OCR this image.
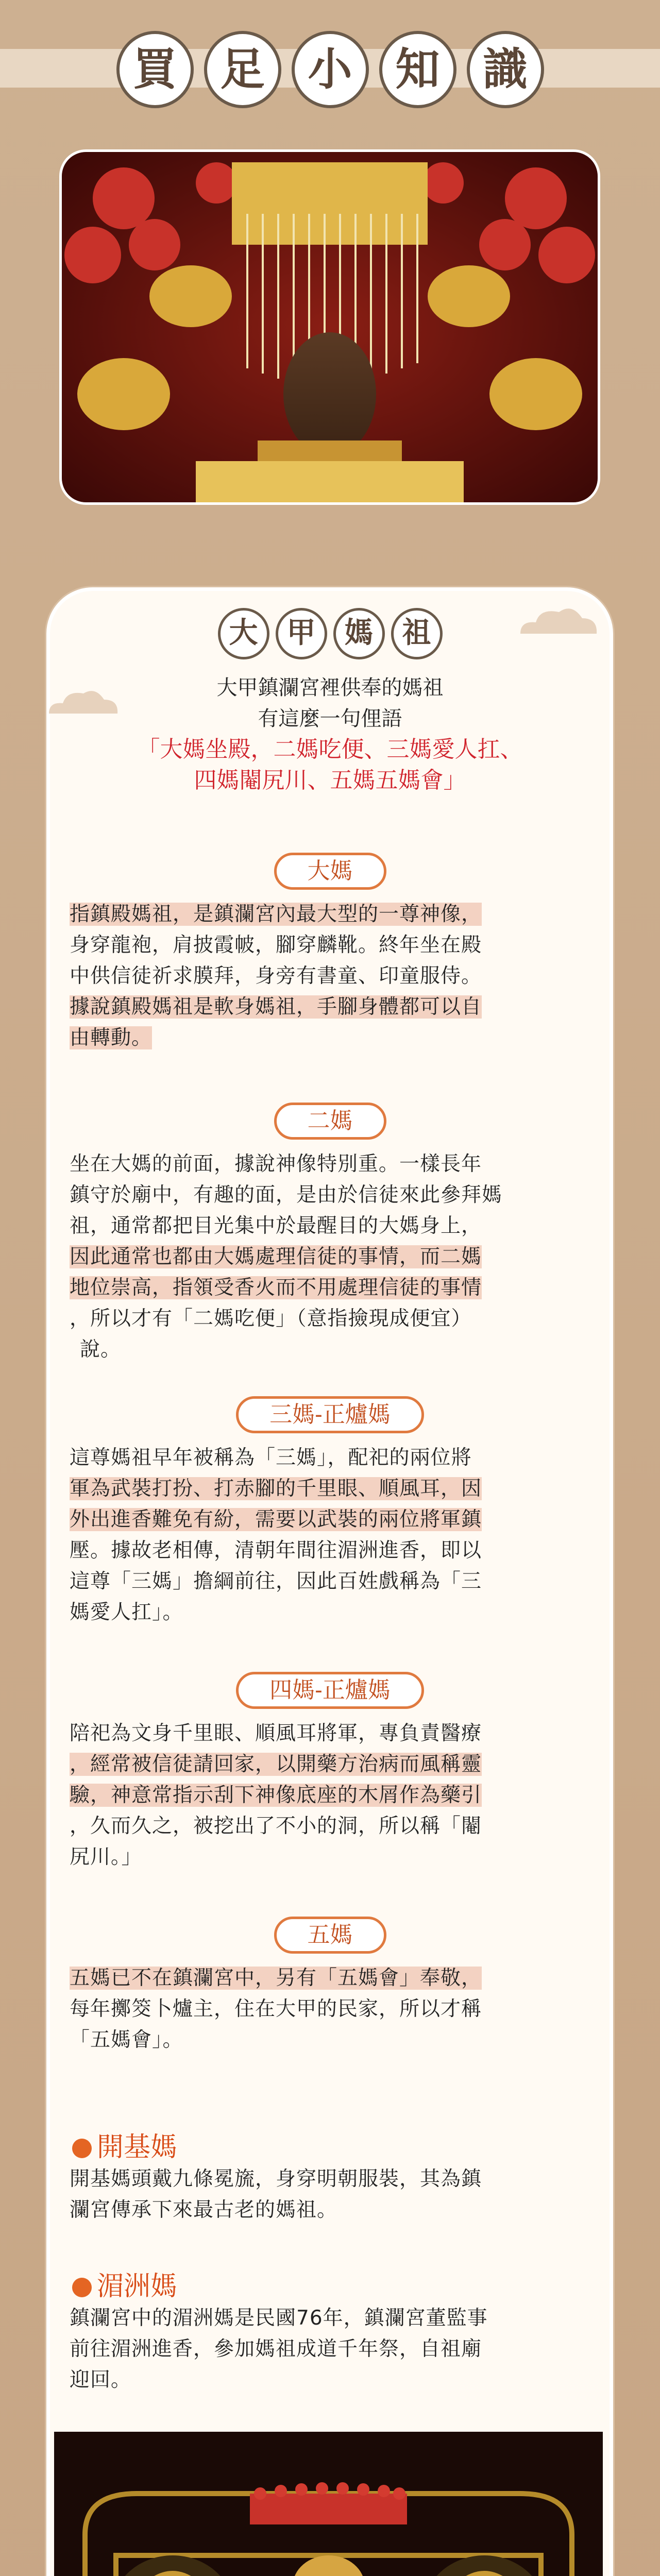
買 足 小 知 識
大 甲 媽 祖
大甲鎮瀾宮裡供奉的媽祖
有這麼一句俚語
「大媽坐殿，二媽吃便、三媽愛人扛、
四媽閹尻川、五媽五媽會」
大媽
指鎮殿媽祖，是鎮瀾宮內最大型的一尊神像，
身穿龍袍，肩披霞帔，腳穿麟靴。終年坐在殿
中供信徒祈求膜拜，身旁有書童、印童服侍。
據說鎮殿媽祖是軟身媽祖，手腳身體都可以自
由轉動。
二媽
坐在大媽的前面，據說神像特別重。一樣長年
鎮守於廟中，有趣的面，是由於信徒來此參拜媽
祖，通常都把目光集中於最醒目的大媽身上，
因此通常也都由大媽處理信徒的事情，而二媽
地位崇高，指領受香火而不用處理信徒的事情
，所以才有「二媽吃便」（意指撿現成便宜）
說。
三媽-正爐媽
這尊媽祖早年被稱為「三媽」，配祀的兩位將
軍為武裝打扮、打赤腳的千里眼、順風耳，因
外出進香難免有紛，需要以武裝的兩位將軍鎮
壓。據故老相傳，清朝年間往湄洲進香，即以
這尊「三媽」擔綱前往，因此百姓戲稱為「三
媽愛人扛」。
四媽-正爐媽
陪祀為文身千里眼、順風耳將軍，專負責醫療
，經常被信徒請回家，以開藥方治病而風稱靈
驗，神意常指示刮下神像底座的木屑作為藥引
，久而久之，被挖出了不小的洞，所以稱「閹
尻川。」
五媽
五媽已不在鎮瀾宮中，另有「五媽會」奉敬，
每年擲筊卜爐主，住在大甲的民家，所以才稱
「五媽會」。
開基媽
開基媽頭戴九條冕旒，身穿明朝服裝，其為鎮
瀾宮傳承下來最古老的媽祖。
湄洲媽
鎮瀾宮中的湄洲媽是民國76年，鎮瀾宮董監事
前往湄洲進香，參加媽祖成道千年祭，自祖廟
迎回。
